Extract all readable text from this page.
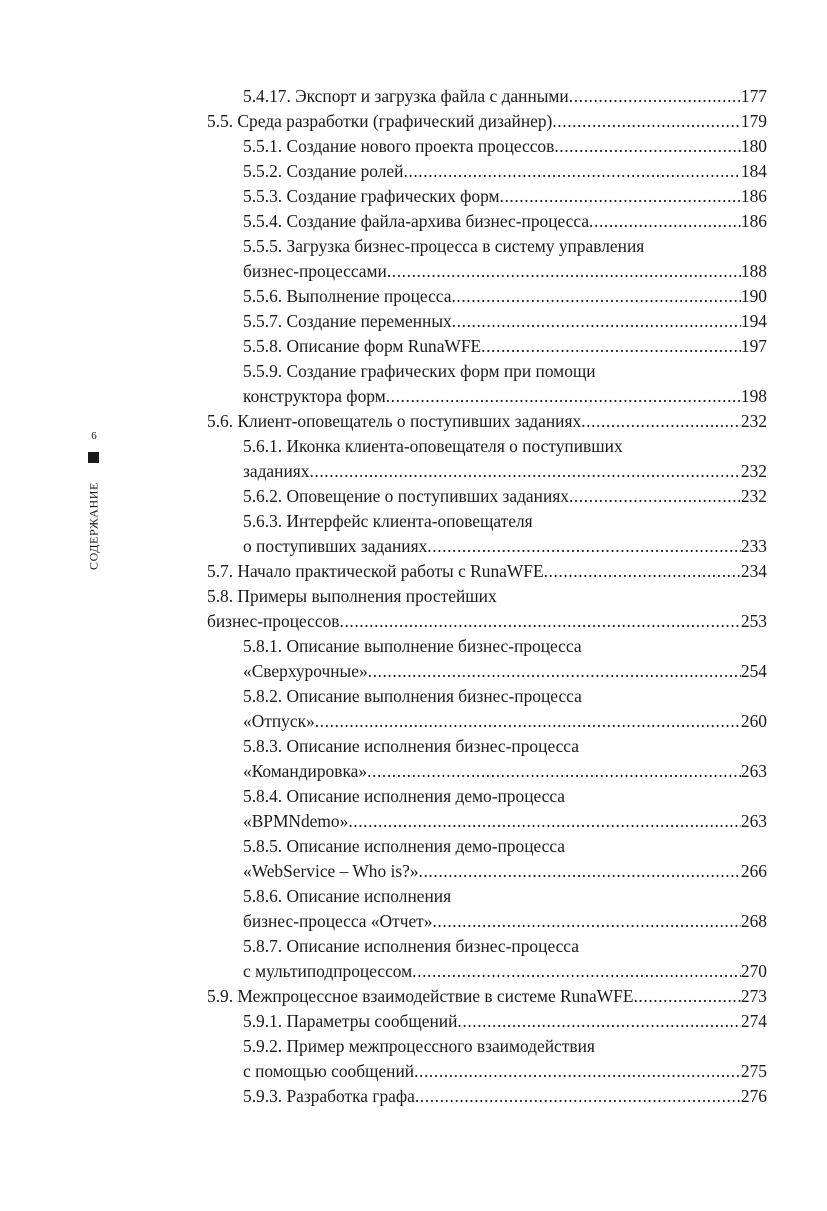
6
СОДЕРЖАНИЕ
5.4.17. Экспорт и загрузка файла с данными .....	177
5.5. Среда разработки (графический дизайнер) .....	179
5.5.1. Создание нового проекта процессов .....	180
5.5.2. Создание ролей .....	184
5.5.3. Создание графических форм .....	186
5.5.4. Создание файла-архива бизнес-процесса .....	186
5.5.5. Загрузка бизнес-процесса в систему управления
бизнес-процессами .....	188
5.5.6. Выполнение процесса .....	190
5.5.7. Создание переменных .....	194
5.5.8. Описание форм RunaWFE .....	197
5.5.9. Создание графических форм при помощи
конструктора форм .....	198
5.6. Клиент-оповещатель о поступивших заданиях .....	232
5.6.1. Иконка клиента-оповещателя о поступивших
заданиях .....	232
5.6.2. Оповещение о поступивших заданиях .....	232
5.6.3. Интерфейс клиента-оповещателя
о поступивших заданиях .....	233
5.7. Начало практической работы с RunaWFE .....	234
5.8. Примеры выполнения простейших
бизнес-процессов .....	253
5.8.1. Описание выполнение бизнес-процесса
«Сверхурочные» .....	254
5.8.2. Описание выполнения бизнес-процесса
«Отпуск» .....	260
5.8.3. Описание исполнения бизнес-процесса
«Командировка» .....	263
5.8.4. Описание исполнения демо-процесса
«BPMNdemo» .....	263
5.8.5. Описание исполнения демо-процесса
«WebService – Who is?» .....	266
5.8.6. Описание исполнения
бизнес-процесса «Отчет» .....	268
5.8.7. Описание исполнения бизнес-процесса
с мультиподпроцессом .....	270
5.9. Межпроцессное взаимодействие в системе RunaWFE .....	273
5.9.1. Параметры сообщений .....	274
5.9.2. Пример межпроцессного взаимодействия
с помощью сообщений .....	275
5.9.3. Разработка графа .....	276
